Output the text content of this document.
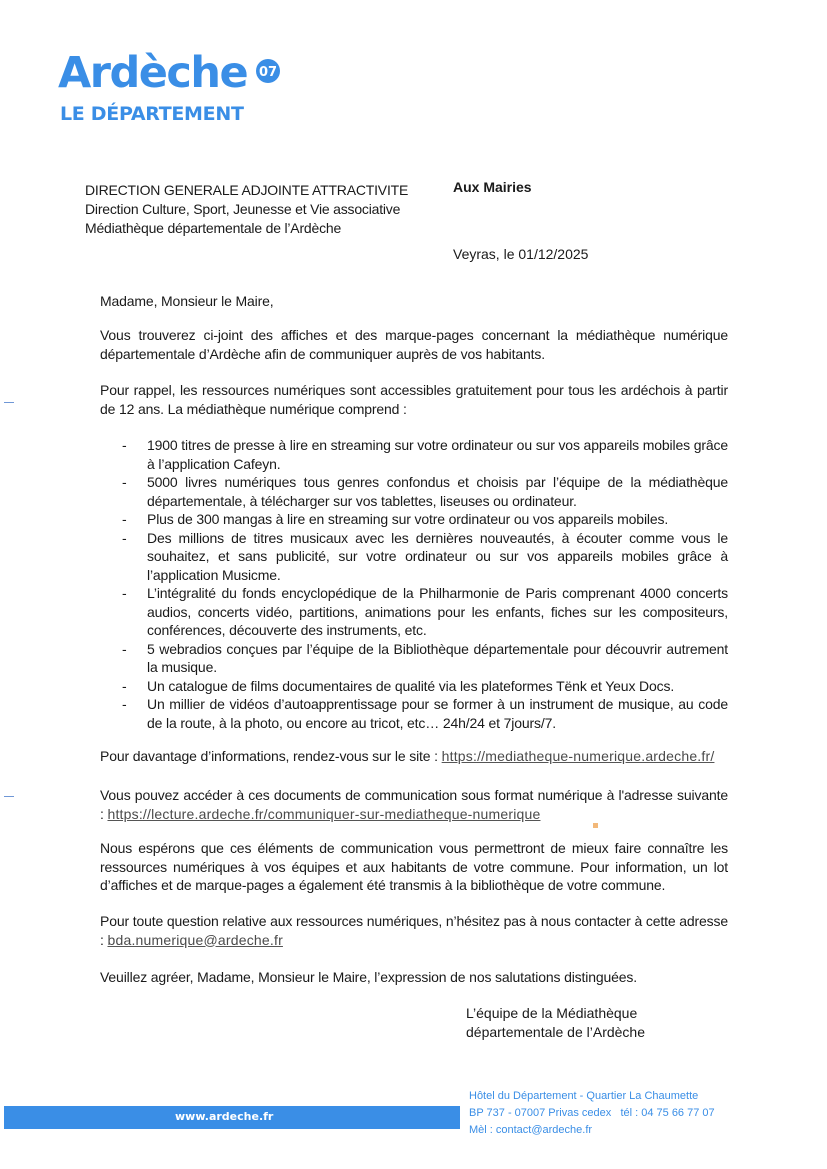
Ardèche 07
LE DÉPARTEMENT
DIRECTION GENERALE ADJOINTE ATTRACTIVITE
Direction Culture, Sport, Jeunesse et Vie associative
Médiathèque départementale de l’Ardèche
Aux Mairies
Veyras, le 01/12/2025
Madame, Monsieur le Maire,
Vous trouverez ci-joint des affiches et des marque-pages concernant la médiathèque numérique départementale d’Ardèche afin de communiquer auprès de vos habitants.
Pour rappel, les ressources numériques sont accessibles gratuitement pour tous les ardéchois à partir de 12 ans. La médiathèque numérique comprend :
- 1900 titres de presse à lire en streaming sur votre ordinateur ou sur vos appareils mobiles grâce à l’application Cafeyn.
- 5000 livres numériques tous genres confondus et choisis par l’équipe de la médiathèque départementale, à télécharger sur vos tablettes, liseuses ou ordinateur.
- Plus de 300 mangas à lire en streaming sur votre ordinateur ou vos appareils mobiles.
- Des millions de titres musicaux avec les dernières nouveautés, à écouter comme vous le souhaitez, et sans publicité, sur votre ordinateur ou sur vos appareils mobiles grâce à l’application Musicme.
- L’intégralité du fonds encyclopédique de la Philharmonie de Paris comprenant 4000 concerts audios, concerts vidéo, partitions, animations pour les enfants, fiches sur les compositeurs, conférences, découverte des instruments, etc.
- 5 webradios conçues par l’équipe de la Bibliothèque départementale pour découvrir autrement la musique.
- Un catalogue de films documentaires de qualité via les plateformes Tënk et Yeux Docs.
- Un millier de vidéos d’autoapprentissage pour se former à un instrument de musique, au code de la route, à la photo, ou encore au tricot, etc… 24h/24 et 7jours/7.
Pour davantage d’informations, rendez-vous sur le site : https://mediatheque-numerique.ardeche.fr/
Vous pouvez accéder à ces documents de communication sous format numérique à l'adresse suivante : https://lecture.ardeche.fr/communiquer-sur-mediatheque-numerique
Nous espérons que ces éléments de communication vous permettront de mieux faire connaître les ressources numériques à vos équipes et aux habitants de votre commune. Pour information, un lot d’affiches et de marque-pages a également été transmis à la bibliothèque de votre commune.
Pour toute question relative aux ressources numériques, n’hésitez pas à nous contacter à cette adresse : bda.numerique@ardeche.fr
Veuillez agréer, Madame, Monsieur le Maire, l’expression de nos salutations distinguées.
L’équipe de la Médiathèque
départementale de l’Ardèche
www.ardeche.fr
Hôtel du Département - Quartier La Chaumette
BP 737 - 07007 Privas cedex   tél : 04 75 66 77 07
Mèl : contact@ardeche.fr
